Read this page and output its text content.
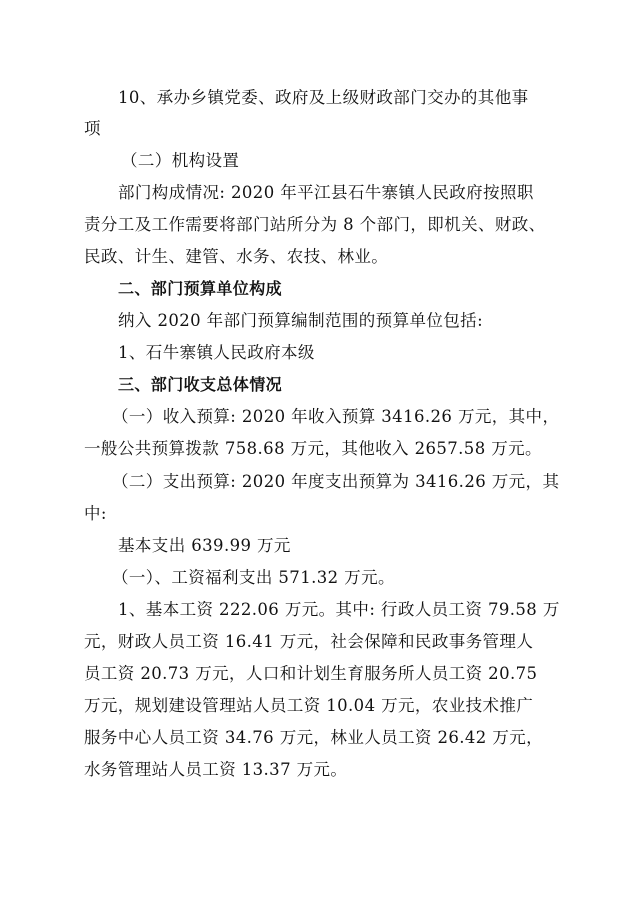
10、承办乡镇党委、政府及上级财政部门交办的其他事
项
（二）机构设置
部门构成情况: 2020 年平江县石牛寨镇人民政府按照职
责分工及工作需要将部门站所分为 8 个部门，即机关、财政、
民政、计生、建管、水务、农技、林业。
二、部门预算单位构成
纳入 2020 年部门预算编制范围的预算单位包括:
1、石牛寨镇人民政府本级
三、部门收支总体情况
（一）收入预算: 2020 年收入预算 3416.26 万元，其中，
一般公共预算拨款 758.68 万元，其他收入 2657.58 万元。
（二）支出预算: 2020 年度支出预算为 3416.26 万元，其
中:
基本支出 639.99 万元
（一）、工资福利支出 571.32 万元。
1、基本工资 222.06 万元。其中: 行政人员工资 79.58 万
元，财政人员工资 16.41 万元，社会保障和民政事务管理人
员工资 20.73 万元，人口和计划生育服务所人员工资 20.75
万元，规划建设管理站人员工资 10.04 万元，农业技术推广
服务中心人员工资 34.76 万元，林业人员工资 26.42 万元，
水务管理站人员工资 13.37 万元。
